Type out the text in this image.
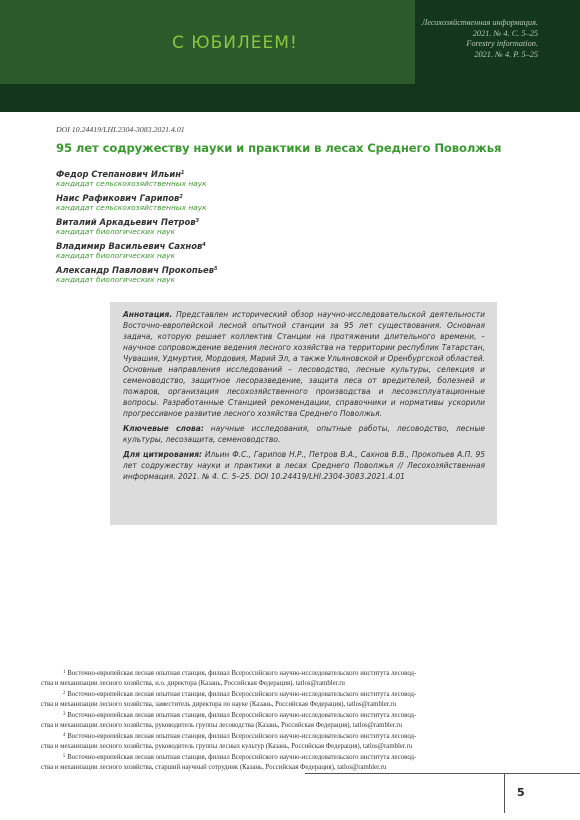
С ЮБИЛЕЕМ!
Лесохозяйственная информация.
2021. № 4. С. 5–25
Forestry information.
2021. № 4. P. 5–25
DOI 10.24419/LHI.2304-3083.2021.4.01
95 лет содружеству науки и практики в лесах Среднего Поволжья
Федор Степанович Ильин$^1$
кандидат сельскохозяйственных наук
Наис Рафикович Гарипов$^2$
кандидат сельскохозяйственных наук
Виталий Аркадьевич Петров$^3$
кандидат биологических наук
Владимир Васильевич Сахнов$^4$
кандидат биологических наук
Александр Павлович Прокопьев$^5$
кандидат биологических наук

Аннотация. Представлен исторический обзор научно-исследовательской деятельности Восточно-европейской лесной опытной станции за 95 лет существования. Основная задача, которую решает коллектив Станции на протяжении длительного времени, – научное сопровождение ведения лесного хозяйства на территории республик Татарстан, Чувашия, Удмуртия, Мордовия, Марий Эл, а также Ульяновской и Оренбургской областей. Основные направления исследований – лесоводство, лесные культуры, селекция и семеноводство, защитное лесоразведение, защита леса от вредителей, болезней и пожаров, организация лесохозяйственного производства и лесоэксплуатационные вопросы. Разработанные Станцией рекомендации, справочники и нормативы ускорили прогрессивное развитие лесного хозяйства Среднего Поволжья.

Ключевые слова: научные исследования, опытные работы, лесоводство, лесные культуры, лесозащита, семеноводство.

Для цитирования: Ильин Ф.С., Гарипов Н.Р., Петров В.А., Сахнов В.В., Прокопьев А.П. 95 лет содружеству науки и практики в лесах Среднего Поволжья // Лесохозяйственная информация. 2021. № 4. С. 5–25. DOI 10.24419/LHI.2304-3083.2021.4.01

$^1$ Восточно-европейская лесная опытная станция, филиал Всероссийского научно-исследовательского института лесовод-
ства и механизации лесного хозяйства, и.о. директора (Казань, Российская Федерация), tatlos@rambler.ru
$^2$ Восточно-европейская лесная опытная станция, филиал Всероссийского научно-исследовательского института лесовод-
ства и механизации лесного хозяйства, заместитель директора по науке (Казань, Российская Федерация), tatlos@rambler.ru
$^3$ Восточно-европейская лесная опытная станция, филиал Всероссийского научно-исследовательского института лесовод-
ства и механизации лесного хозяйства, руководитель группы лесоводства (Казань, Российская Федерация), tatlos@rambler.ru
$^4$ Восточно-европейская лесная опытная станция, филиал Всероссийского научно-исследовательского института лесовод-
ства и механизации лесного хозяйства, руководитель группы лесных культур (Казань, Российская Федерация), tatlos@rambler.ru
$^5$ Восточно-европейская лесная опытная станция, филиал Всероссийского научно-исследовательского института лесовод-
ства и механизации лесного хозяйства, старший научный сотрудник (Казань, Российская Федерация), tatlos@rambler.ru
5
